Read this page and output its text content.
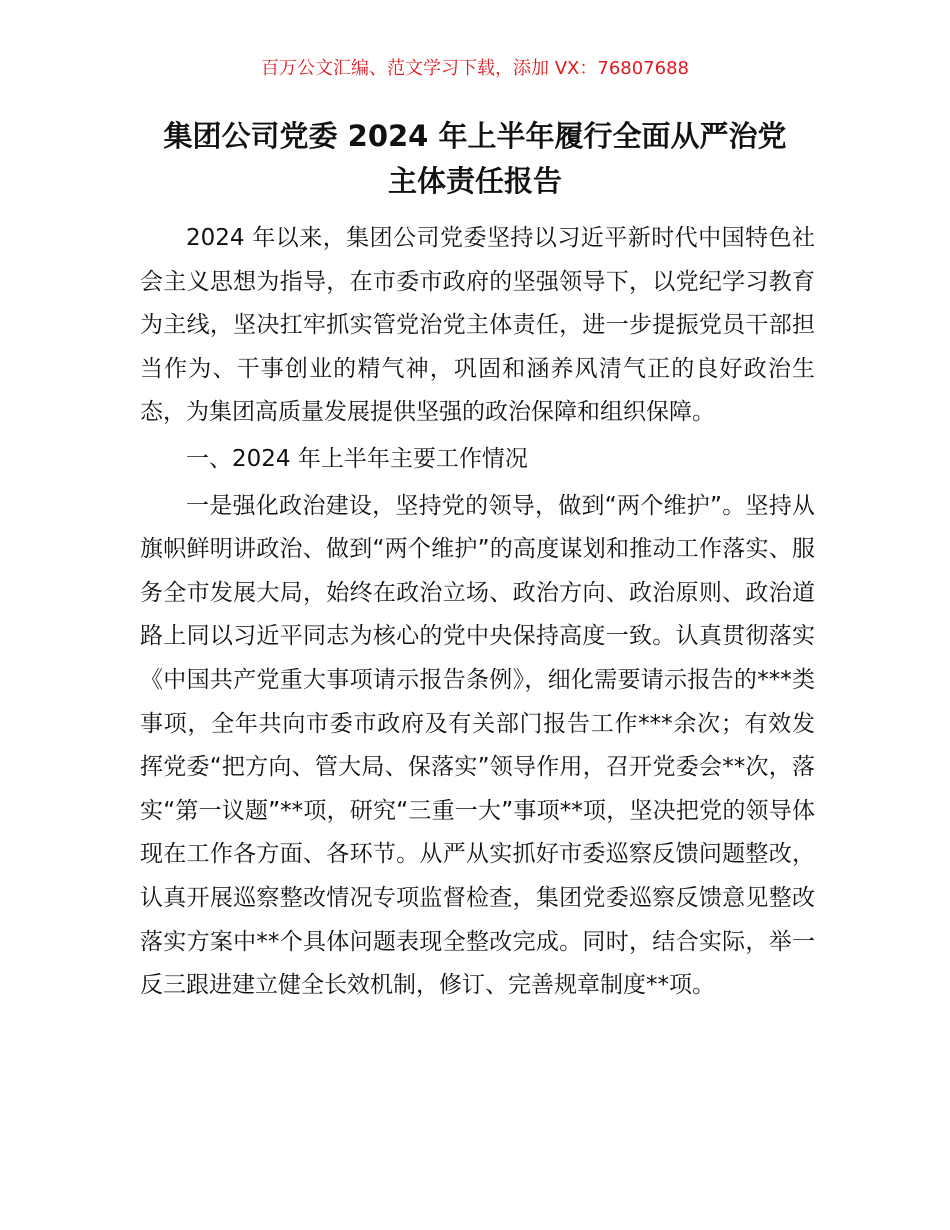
百万公文汇编、范文学习下载，添加 VX：76807688
集团公司党委 2024 年上半年履行全面从严治党
主体责任报告

2024 年以来，集团公司党委坚持以习近平新时代中国特色社会主义思想为指导，在市委市政府的坚强领导下，以党纪学习教育为主线，坚决扛牢抓实管党治党主体责任，进一步提振党员干部担当作为、干事创业的精气神，巩固和涵养风清气正的良好政治生态，为集团高质量发展提供坚强的政治保障和组织保障。

一、2024 年上半年主要工作情况

一是强化政治建设，坚持党的领导，做到“两个维护”。坚持从旗帜鲜明讲政治、做到“两个维护”的高度谋划和推动工作落实、服务全市发展大局，始终在政治立场、政治方向、政治原则、政治道路上同以习近平同志为核心的党中央保持高度一致。认真贯彻落实《中国共产党重大事项请示报告条例》，细化需要请示报告的***类事项，全年共向市委市政府及有关部门报告工作***余次；有效发挥党委“把方向、管大局、保落实”领导作用，召开党委会**次，落实“第一议题”**项，研究“三重一大”事项**项，坚决把党的领导体现在工作各方面、各环节。从严从实抓好市委巡察反馈问题整改，认真开展巡察整改情况专项监督检查，集团党委巡察反馈意见整改落实方案中**个具体问题表现全整改完成。同时，结合实际，举一反三跟进建立健全长效机制，修订、完善规章制度**项。
